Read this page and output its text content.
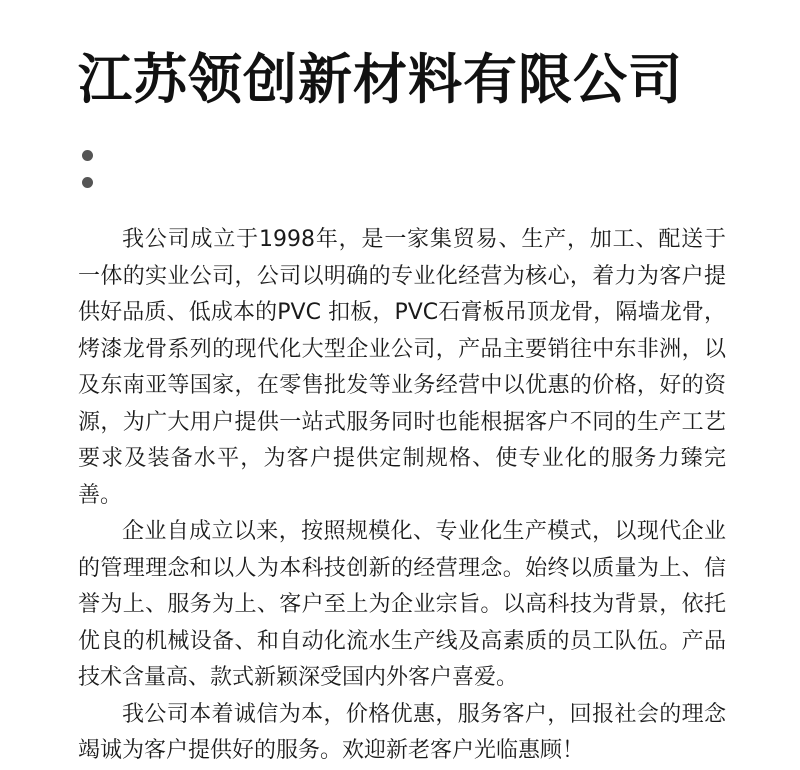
江苏领创新材料有限公司

我公司成立于1998年，是一家集贸易、生产，加工、配送于一体的实业公司，公司以明确的专业化经营为核心，着力为客户提供好品质、低成本的PVC 扣板，PVC石膏板吊顶龙骨，隔墙龙骨，烤漆龙骨系列的现代化大型企业公司，产品主要销往中东非洲，以及东南亚等国家，在零售批发等业务经营中以优惠的价格，好的资源，为广大用户提供一站式服务同时也能根据客户不同的生产工艺要求及装备水平，为客户提供定制规格、使专业化的服务力臻完善。

企业自成立以来，按照规模化、专业化生产模式，以现代企业的管理理念和以人为本科技创新的经营理念。始终以质量为上、信誉为上、服务为上、客户至上为企业宗旨。以高科技为背景，依托优良的机械设备、和自动化流水生产线及高素质的员工队伍。产品技术含量高、款式新颖深受国内外客户喜爱。

我公司本着诚信为本，价格优惠，服务客户，回报社会的理念竭诚为客户提供好的服务。欢迎新老客户光临惠顾！
